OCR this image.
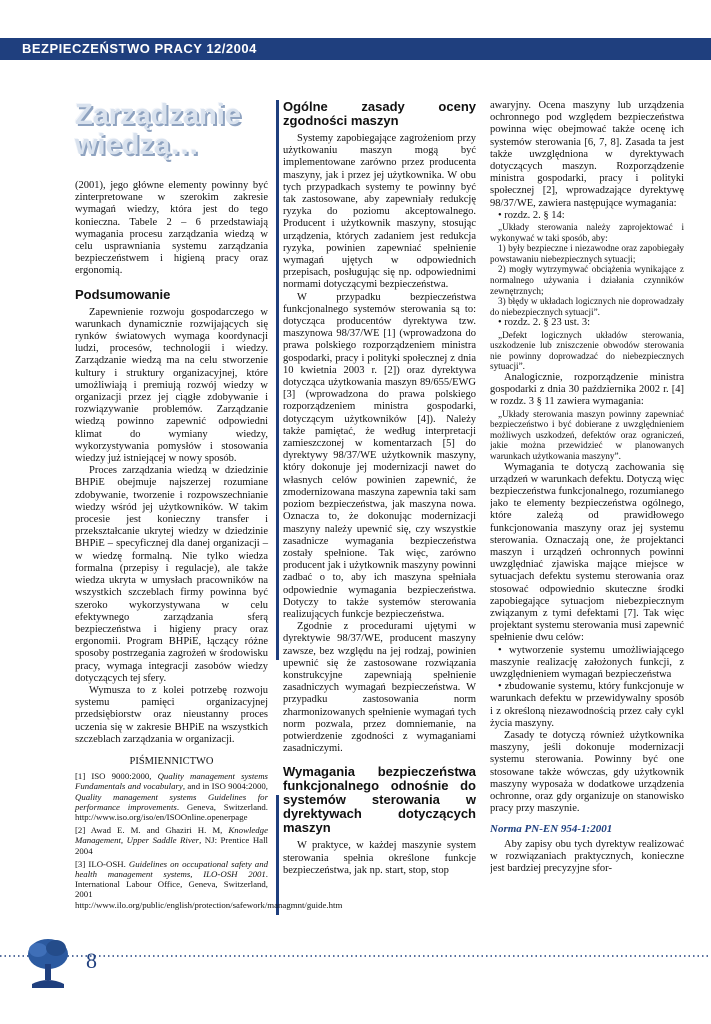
BEZPIECZEŃSTWO PRACY 12/2004
Zarządzanie wiedzą…

(2001), jego główne elementy powinny być zinterpretowane w szerokim zakresie wymagań wiedzy, która jest do tego konieczna. Tabele 2 – 6 przedstawiają wymagania procesu zarządzania wiedzą w celu usprawniania systemu zarządzania bezpieczeństwem i higieną pracy oraz ergonomią.

Podsumowanie

Zapewnienie rozwoju gospodarczego w warunkach dynamicznie rozwijających się rynków światowych wymaga koordynacji ludzi, procesów, technologii i wiedzy. Zarządzanie wiedzą ma na celu stworzenie kultury i struktury organizacyjnej, które umożliwiają i premiują rozwój wiedzy w organizacji przez jej ciągłe zdobywanie i rozwiązywanie problemów. Zarządzanie wiedzą powinno zapewnić odpowiedni klimat do wymiany wiedzy, wykorzystywania pomysłów i stosowania wiedzy już istniejącej w nowy sposób.

Proces zarządzania wiedzą w dziedzinie BHPiE obejmuje najszerzej rozumiane zdobywanie, tworzenie i rozpowszechnianie wiedzy wśród jej użytkowników. W takim procesie jest konieczny transfer i przekształcanie ukrytej wiedzy w dziedzinie BHPiE – specyficznej dla danej organizacji – w wiedzę formalną. Nie tylko wiedza formalna (przepisy i regulacje), ale także wiedza ukryta w umysłach pracowników na wszystkich szczeblach firmy powinna być szeroko wykorzystywana w celu efektywnego zarządzania sferą bezpieczeństwa i higieny pracy oraz ergonomii. Program BHPiE, łączący różne sposoby postrzegania zagrożeń w środowisku pracy, wymaga integracji zasobów wiedzy dotyczących tej sfery.

Wymusza to z kolei potrzebę rozwoju systemu pamięci organizacyjnej przedsiębiorstw oraz nieustanny proces uczenia się w zakresie BHPiE na wszystkich szczeblach zarządzania w organizacji.

PIŚMIENNICTWO

[1] ISO 9000:2000, Quality management systems Fundamentals and vocabulary, and in ISO 9004:2000, Quality management systems Guidelines for performance improvements. Geneva, Switzerland. http://www.iso.org/iso/en/ISOOnline.openerpage

[2] Awad E. M. and Ghaziri H. M, Knowledge Management, Upper Saddle River, NJ: Prentice Hall 2004

[3] ILO-OSH. Guidelines on occupational safety and health management systems, ILO-OSH 2001. International Labour Office, Geneva, Switzerland, 2001 http://www.ilo.org/public/english/protection/safework/managmnt/guide.htm

Ogólne zasady oceny zgodności maszyn

Systemy zapobiegające zagrożeniom przy użytkowaniu maszyn mogą być implementowane zarówno przez producenta maszyny, jak i przez jej użytkownika. W obu tych przypadkach systemy te powinny być tak zastosowane, aby zapewniały redukcję ryzyka do poziomu akceptowalnego. Producent i użytkownik maszyny, stosując urządzenia, których zadaniem jest redukcja ryzyka, powinien zapewniać spełnienie wymagań ujętych w odpowiednich przepisach, posługując się np. odpowiednimi normami dotyczącymi bezpieczeństwa.

W przypadku bezpieczeństwa funkcjonalnego systemów sterowania są to: dotycząca producentów dyrektywa tzw. maszynowa 98/37/WE [1] (wprowadzona do prawa polskiego rozporządzeniem ministra gospodarki, pracy i polityki społecznej z dnia 10 kwietnia 2003 r. [2]) oraz dyrektywa dotycząca użytkowania maszyn 89/655/EWG [3] (wprowadzona do prawa polskiego rozporządzeniem ministra gospodarki, dotyczącym użytkowników [4]). Należy także pamiętać, że według interpretacji zamieszczonej w komentarzach [5] do dyrektywy 98/37/WE użytkownik maszyny, który dokonuje jej modernizacji nawet do własnych celów powinien zapewnić, że zmodernizowana maszyna zapewnia taki sam poziom bezpieczeństwa, jak maszyna nowa. Oznacza to, że dokonując modernizacji maszyny należy upewnić się, czy wszystkie zasadnicze wymagania bezpieczeństwa zostały spełnione. Tak więc, zarówno producent jak i użytkownik maszyny powinni zadbać o to, aby ich maszyna spełniała odpowiednie wymagania bezpieczeństwa. Dotyczy to także systemów sterowania realizujących funkcje bezpieczeństwa.

Zgodnie z procedurami ujętymi w dyrektywie 98/37/WE, producent maszyny zawsze, bez względu na jej rodzaj, powinien upewnić się że zastosowane rozwiązania konstrukcyjne zapewniają spełnienie zasadniczych wymagań bezpieczeństwa. W przypadku zastosowania norm zharmonizowanych spełnienie wymagań tych norm pozwala, przez domniemanie, na potwierdzenie zgodności z wymaganiami zasadniczymi.

Wymagania bezpieczeństwa funkcjonalnego odnośnie do systemów sterowania w dyrektywach dotyczących maszyn

W praktyce, w każdej maszynie system sterowania spełnia określone funkcje bezpieczeństwa, jak np. start, stop, stop

awaryjny. Ocena maszyny lub urządzenia ochronnego pod względem bezpieczeństwa powinna więc obejmować także ocenę ich systemów sterowania [6, 7, 8]. Zasada ta jest także uwzględniona w dyrektywach dotyczących maszyn. Rozporządzenie ministra gospodarki, pracy i polityki społecznej [2], wprowadzające dyrektywę 98/37/WE, zawiera następujące wymagania:

• rozdz. 2. § 14:

„Układy sterowania należy zaprojektować i wykonywać w taki sposób, aby:

1) były bezpieczne i niezawodne oraz zapobiegały powstawaniu niebezpiecznych sytuacji;

2) mogły wytrzymywać obciążenia wynikające z normalnego używania i działania czynników zewnętrznych;

3) błędy w układach logicznych nie doprowadzały do niebezpiecznych sytuacji”.

• rozdz. 2. § 23 ust. 3:

„Defekt logicznych układów sterowania, uszkodzenie lub zniszczenie obwodów sterowania nie powinny doprowadzać do niebezpiecznych sytuacji”.

Analogicznie, rozporządzenie ministra gospodarki z dnia 30 października 2002 r. [4] w rozdz. 3 § 11 zawiera wymagania:

„Układy sterowania maszyn powinny zapewniać bezpieczeństwo i być dobierane z uwzględnieniem możliwych uszkodzeń, defektów oraz ograniczeń, jakie można przewidzieć w planowanych warunkach użytkowania maszyny”.

Wymagania te dotyczą zachowania się urządzeń w warunkach defektu. Dotyczą więc bezpieczeństwa funkcjonalnego, rozumianego jako te elementy bezpieczeństwa ogólnego, które zależą od prawidłowego funkcjonowania maszyny oraz jej systemu sterowania. Oznaczają one, że projektanci maszyn i urządzeń ochronnych powinni uwzględniać zjawiska mające miejsce w sytuacjach defektu systemu sterowania oraz stosować odpowiednio skuteczne środki zapobiegające sytuacjom niebezpiecznym związanym z tymi defektami [7]. Tak więc projektant systemu sterowania musi zapewnić spełnienie dwu celów:

• wytworzenie systemu umożliwiającego maszynie realizację założonych funkcji, z uwzględnieniem wymagań bezpieczeństwa

• zbudowanie systemu, który funkcjonuje w warunkach defektu w przewidywalny sposób i z określoną niezawodnością przez cały cykl życia maszyny.

Zasady te dotyczą również użytkownika maszyny, jeśli dokonuje modernizacji systemu sterowania. Powinny być one stosowane także wówczas, gdy użytkownik maszyny wyposaża w dodatkowe urządzenia ochronne, oraz gdy organizuje on stanowisko pracy przy maszynie.

Norma PN-EN 954-1:2001

Aby zapisy obu tych dyrektyw realizować w rozwiązaniach praktycznych, konieczne jest bardziej precyzyjne sfor-

8
